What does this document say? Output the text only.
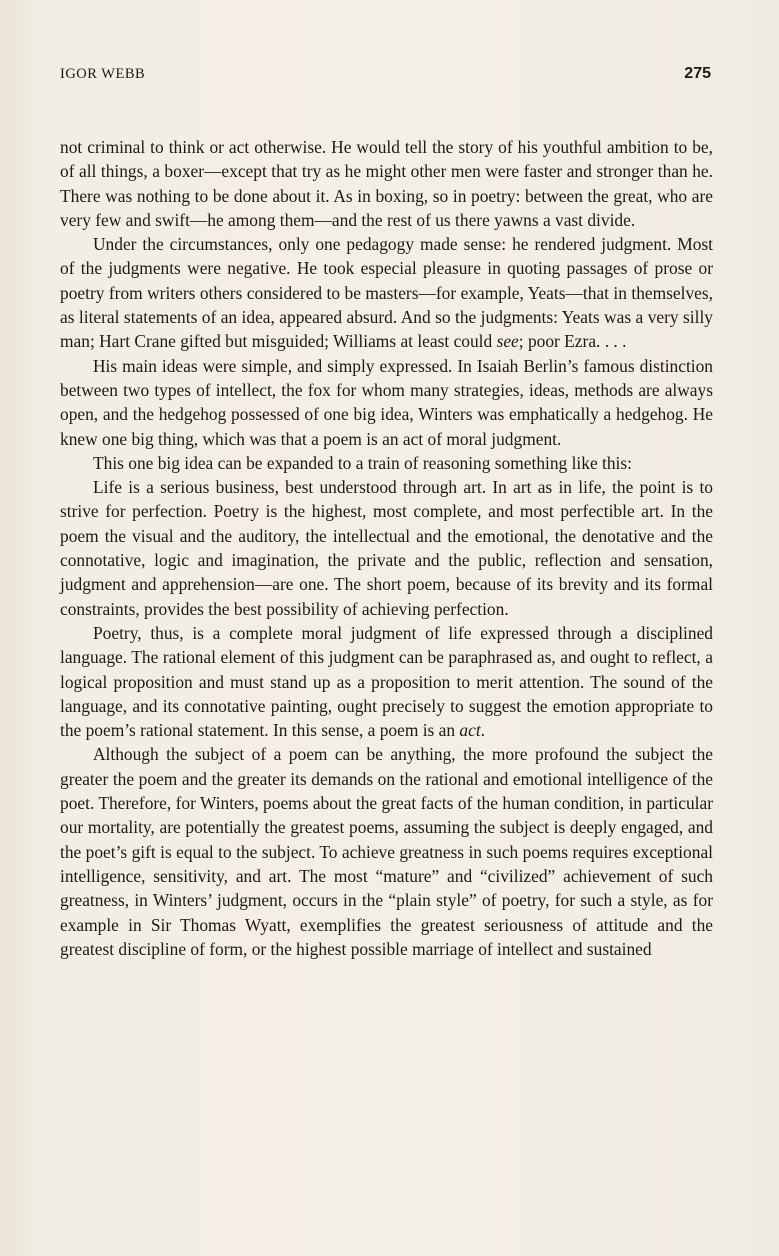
IGOR WEBB	275

not criminal to think or act otherwise. He would tell the story of his youthful ambition to be, of all things, a boxer—except that try as he might other men were faster and stronger than he. There was nothing to be done about it. As in boxing, so in poetry: between the great, who are very few and swift—he among them—and the rest of us there yawns a vast divide.

Under the circumstances, only one pedagogy made sense: he rendered judgment. Most of the judgments were negative. He took especial pleasure in quoting passages of prose or poetry from writers others considered to be masters—for example, Yeats—that in themselves, as literal statements of an idea, appeared absurd. And so the judgments: Yeats was a very silly man; Hart Crane gifted but misguided; Williams at least could see; poor Ezra. . . .

His main ideas were simple, and simply expressed. In Isaiah Berlin’s famous distinction between two types of intellect, the fox for whom many strategies, ideas, methods are always open, and the hedgehog possessed of one big idea, Winters was emphatically a hedgehog. He knew one big thing, which was that a poem is an act of moral judgment.

This one big idea can be expanded to a train of reasoning something like this:

Life is a serious business, best understood through art. In art as in life, the point is to strive for perfection. Poetry is the highest, most complete, and most perfectible art. In the poem the visual and the auditory, the intellectual and the emotional, the denotative and the connotative, logic and imagination, the private and the public, reflection and sensation, judgment and apprehension—are one. The short poem, because of its brevity and its formal constraints, provides the best possibility of achieving perfection.

Poetry, thus, is a complete moral judgment of life expressed through a disciplined language. The rational element of this judgment can be paraphrased as, and ought to reflect, a logical proposition and must stand up as a proposition to merit attention. The sound of the language, and its connotative painting, ought precisely to suggest the emotion appropriate to the poem’s rational statement. In this sense, a poem is an act.

Although the subject of a poem can be anything, the more profound the subject the greater the poem and the greater its demands on the rational and emotional intelligence of the poet. Therefore, for Winters, poems about the great facts of the human condition, in particular our mortality, are potentially the greatest poems, assuming the subject is deeply engaged, and the poet’s gift is equal to the subject. To achieve greatness in such poems requires exceptional intelligence, sensitivity, and art. The most “mature” and “civilized” achievement of such greatness, in Winters’ judgment, occurs in the “plain style” of poetry, for such a style, as for example in Sir Thomas Wyatt, exemplifies the greatest seriousness of attitude and the greatest discipline of form, or the highest possible marriage of intellect and sustained
